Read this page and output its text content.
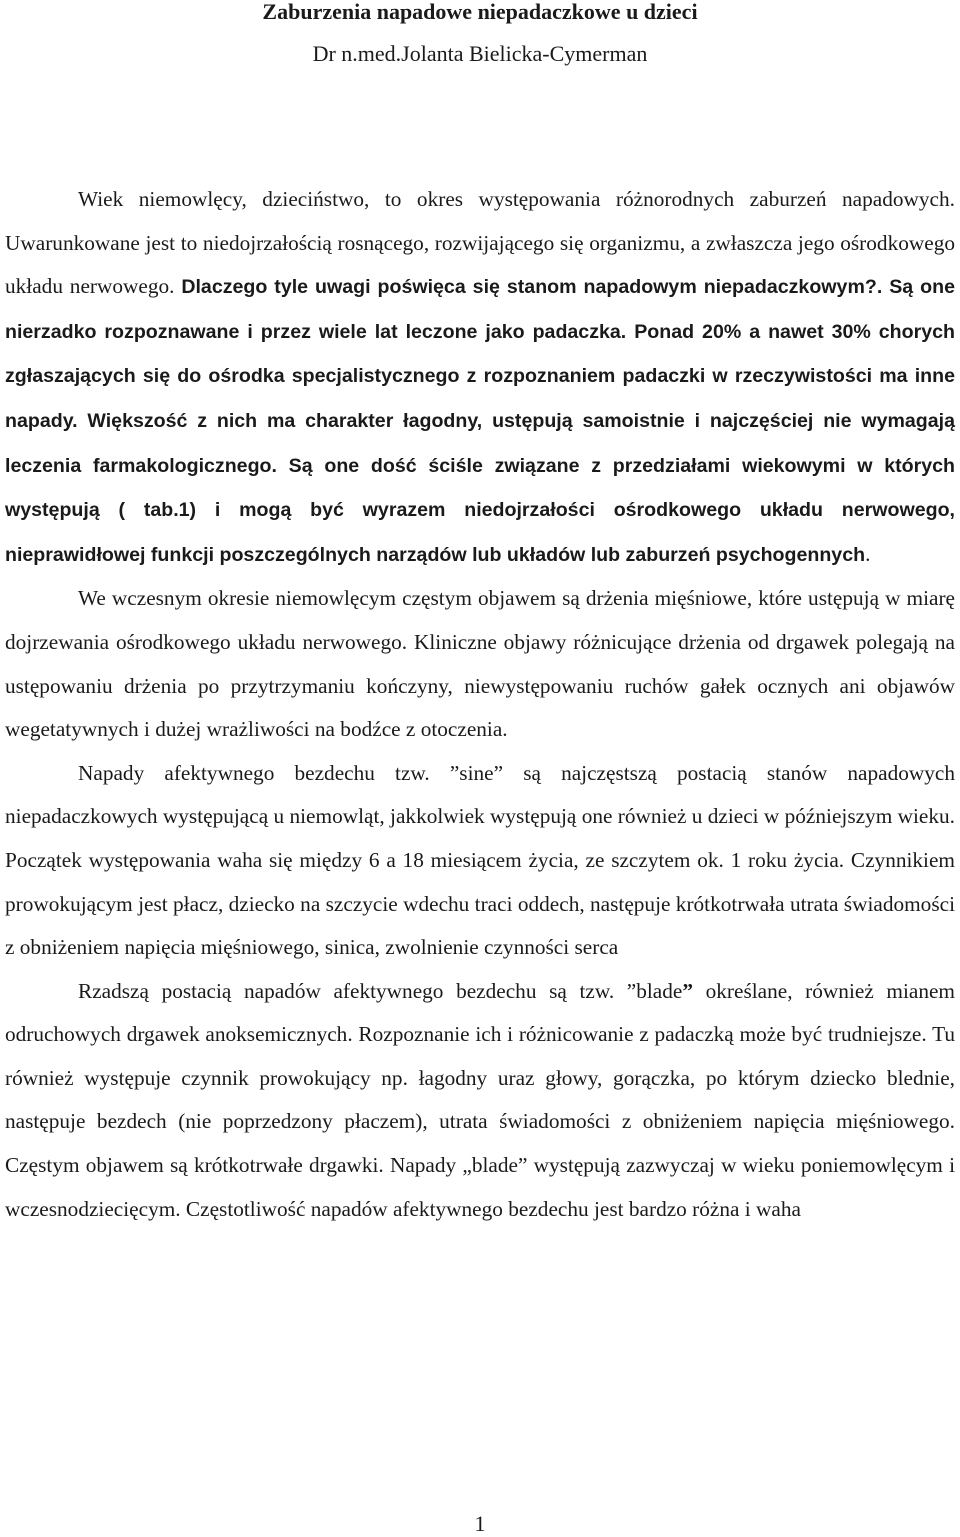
Zaburzenia napadowe niepadaczkowe u dzieci
Dr n.med.Jolanta Bielicka-Cymerman

Wiek niemowlęcy, dzieciństwo, to okres występowania różnorodnych zaburzeń napadowych. Uwarunkowane jest to niedojrzałością rosnącego, rozwijającego się organizmu, a zwłaszcza jego ośrodkowego układu nerwowego. Dlaczego tyle uwagi poświęca się stanom napadowym niepadaczkowym?. Są one nierzadko rozpoznawane i przez wiele lat leczone jako padaczka. Ponad 20% a nawet 30% chorych zgłaszających się do ośrodka specjalistycznego z rozpoznaniem padaczki w rzeczywistości ma inne napady. Większość z nich ma charakter łagodny, ustępują samoistnie i najczęściej nie wymagają leczenia farmakologicznego. Są one dość ściśle związane z przedziałami wiekowymi w których występują ( tab.1) i mogą być wyrazem niedojrzałości ośrodkowego układu nerwowego, nieprawidłowej funkcji poszczególnych narządów lub układów lub zaburzeń psychogennych.

We wczesnym okresie niemowlęcym częstym objawem są drżenia mięśniowe, które ustępują w miarę dojrzewania ośrodkowego układu nerwowego. Kliniczne objawy różnicujące drżenia od drgawek polegają na ustępowaniu drżenia po przytrzymaniu kończyny, niewystępowaniu ruchów gałek ocznych ani objawów wegetatywnych i dużej wrażliwości na bodźce z otoczenia.

Napady afektywnego bezdechu tzw. ”sine” są najczęstszą postacią stanów napadowych niepadaczkowych występującą u niemowląt, jakkolwiek występują one również u dzieci w późniejszym wieku. Początek występowania waha się między 6 a 18 miesiącem życia, ze szczytem ok. 1 roku życia. Czynnikiem prowokującym jest płacz, dziecko na szczycie wdechu traci oddech, następuje krótkotrwała utrata świadomości z obniżeniem napięcia mięśniowego, sinica, zwolnienie czynności serca

Rzadszą postacią napadów afektywnego bezdechu są tzw. ”blade” określane, również mianem odruchowych drgawek anoksemicznych. Rozpoznanie ich i różnicowanie z padaczką może być trudniejsze. Tu również występuje czynnik prowokujący np. łagodny uraz głowy, gorączka, po którym dziecko blednie, następuje bezdech (nie poprzedzony płaczem), utrata świadomości z obniżeniem napięcia mięśniowego. Częstym objawem są krótkotrwałe drgawki. Napady „blade” występują zazwyczaj w wieku poniemowlęcym i wczesnodziecięcym. Częstotliwość napadów afektywnego bezdechu jest bardzo różna i waha

1
